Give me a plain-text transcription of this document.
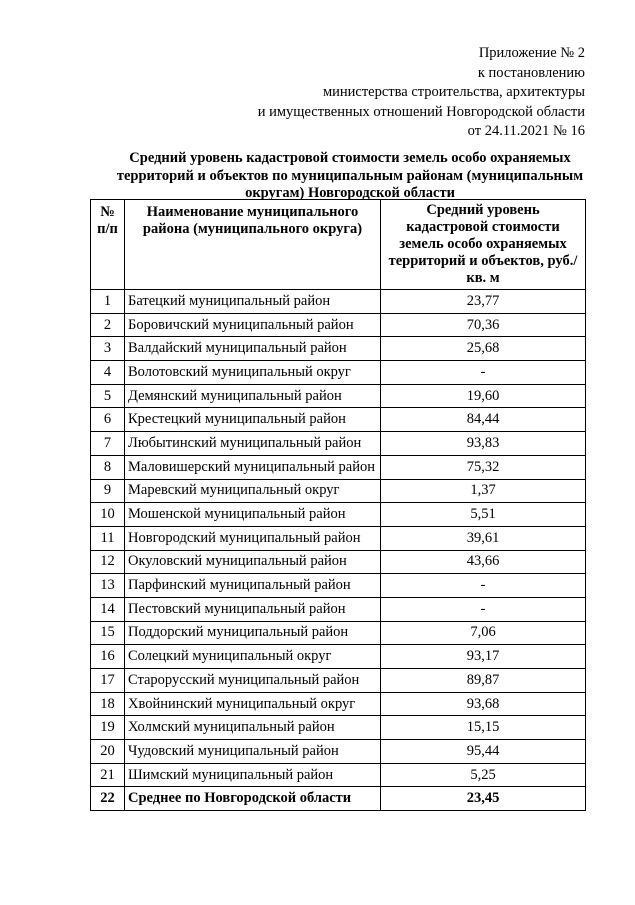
Приложение № 2
к постановлению
министерства строительства, архитектуры
и имущественных отношений Новгородской области
от 24.11.2021 № 16
Средний уровень кадастровой стоимости земель особо охраняемых
территорий и объектов по муниципальным районам (муниципальным
округам) Новгородской области
№ п/п	Наименование муниципального района (муниципального округа)	Средний уровень кадастровой стоимости земель особо охраняемых территорий и объектов, руб./кв. м
1	Батецкий муниципальный район	23,77
2	Боровичский муниципальный район	70,36
3	Валдайский муниципальный район	25,68
4	Волотовский муниципальный округ	-
5	Демянский муниципальный район	19,60
6	Крестецкий муниципальный район	84,44
7	Любытинский муниципальный район	93,83
8	Маловишерский муниципальный район	75,32
9	Маревский муниципальный округ	1,37
10	Мошенской муниципальный район	5,51
11	Новгородский муниципальный район	39,61
12	Окуловский муниципальный район	43,66
13	Парфинский муниципальный район	-
14	Пестовский муниципальный район	-
15	Поддорский муниципальный район	7,06
16	Солецкий муниципальный округ	93,17
17	Старорусский муниципальный район	89,87
18	Хвойнинский муниципальный округ	93,68
19	Холмский муниципальный район	15,15
20	Чудовский муниципальный район	95,44
21	Шимский муниципальный район	5,25
22	Среднее по Новгородской области	23,45
